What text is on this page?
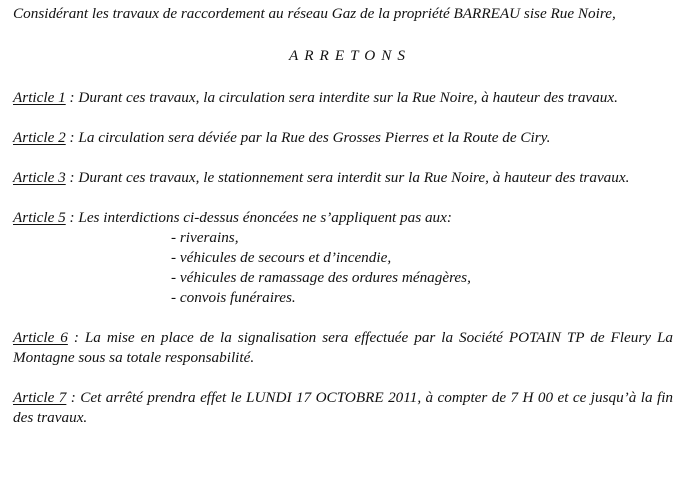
Considérant les travaux de raccordement au réseau Gaz de la propriété BARREAU sise Rue Noire,

ARRETONS

Article 1 : Durant ces travaux, la circulation sera interdite sur la Rue Noire, à hauteur des travaux.

Article 2 : La circulation sera déviée par la Rue des Grosses Pierres et la Route de Ciry.

Article 3 : Durant ces travaux, le stationnement sera interdit sur la Rue Noire, à hauteur des travaux.

Article 5 : Les interdictions ci-dessus énoncées ne s’appliquent pas aux:

- riverains,
- véhicules de secours et d’incendie,
- véhicules de ramassage des ordures ménagères,
- convois funéraires.

Article 6 : La mise en place de la signalisation sera effectuée par la Société POTAIN TP de Fleury La Montagne sous sa totale responsabilité.

Article 7 : Cet arrêté prendra effet le LUNDI 17 OCTOBRE 2011, à compter de 7 H 00 et ce jusqu’à la fin des travaux.
